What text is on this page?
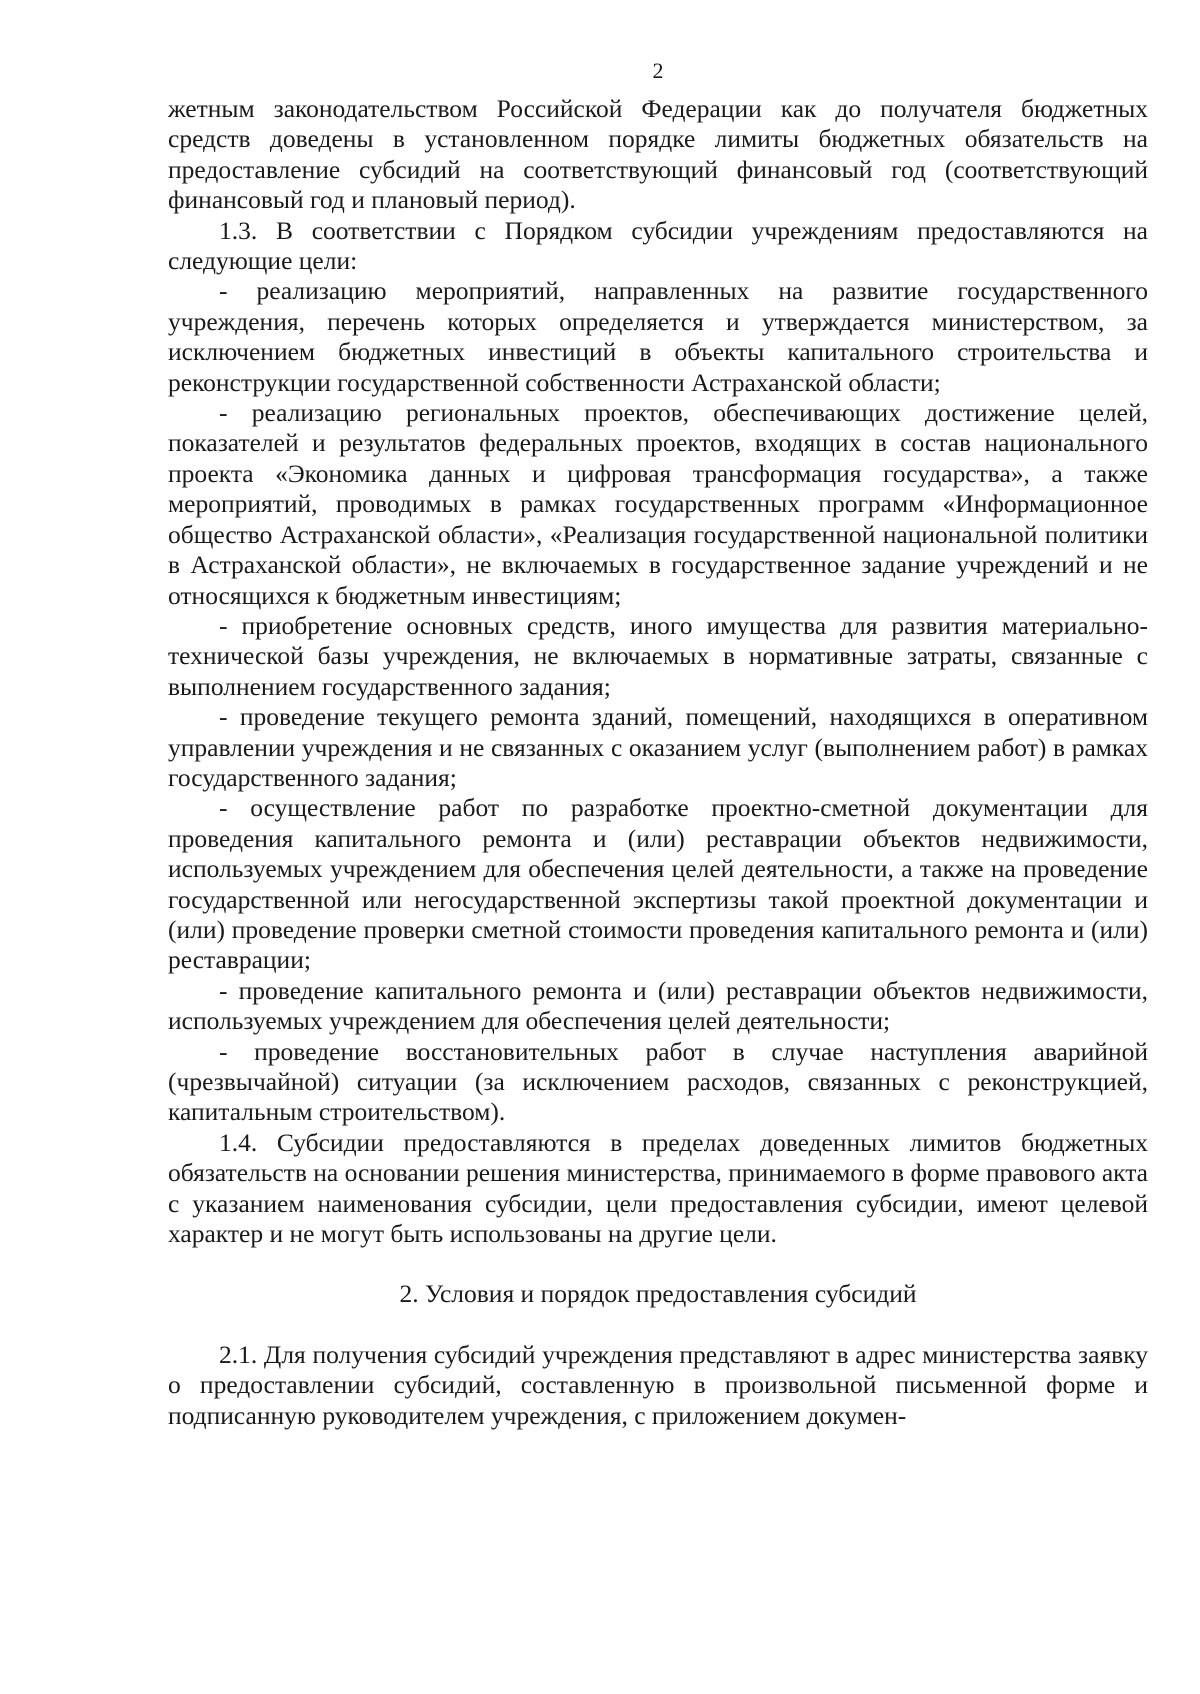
2

жетным законодательством Российской Федерации как до получателя бюджетных средств доведены в установленном порядке лимиты бюджетных обязательств на предоставление субсидий на соответствующий финансовый год (соответствующий финансовый год и плановый период).

1.3. В соответствии с Порядком субсидии учреждениям предоставляются на следующие цели:

- реализацию мероприятий, направленных на развитие государственного учреждения, перечень которых определяется и утверждается министерством, за исключением бюджетных инвестиций в объекты капитального строительства и реконструкции государственной собственности Астраханской области;

- реализацию региональных проектов, обеспечивающих достижение целей, показателей и результатов федеральных проектов, входящих в состав национального проекта «Экономика данных и цифровая трансформация государства», а также мероприятий, проводимых в рамках государственных программ «Информационное общество Астраханской области», «Реализация государственной национальной политики в Астраханской области», не включаемых в государственное задание учреждений и не относящихся к бюджетным инвестициям;

- приобретение основных средств, иного имущества для развития материально-технической базы учреждения, не включаемых в нормативные затраты, связанные с выполнением государственного задания;

- проведение текущего ремонта зданий, помещений, находящихся в оперативном управлении учреждения и не связанных с оказанием услуг (выполнением работ) в рамках государственного задания;

- осуществление работ по разработке проектно-сметной документации для проведения капитального ремонта и (или) реставрации объектов недвижимости, используемых учреждением для обеспечения целей деятельности, а также на проведение государственной или негосударственной экспертизы такой проектной документации и (или) проведение проверки сметной стоимости проведения капитального ремонта и (или) реставрации;

- проведение капитального ремонта и (или) реставрации объектов недвижимости, используемых учреждением для обеспечения целей деятельности;

- проведение восстановительных работ в случае наступления аварийной (чрезвычайной) ситуации (за исключением расходов, связанных с реконструкцией, капитальным строительством).

1.4. Субсидии предоставляются в пределах доведенных лимитов бюджетных обязательств на основании решения министерства, принимаемого в форме правового акта с указанием наименования субсидии, цели предоставления субсидии, имеют целевой характер и не могут быть использованы на другие цели.

2. Условия и порядок предоставления субсидий

2.1. Для получения субсидий учреждения представляют в адрес министерства заявку о предоставлении субсидий, составленную в произвольной письменной форме и подписанную руководителем учреждения, с приложением докумен-
